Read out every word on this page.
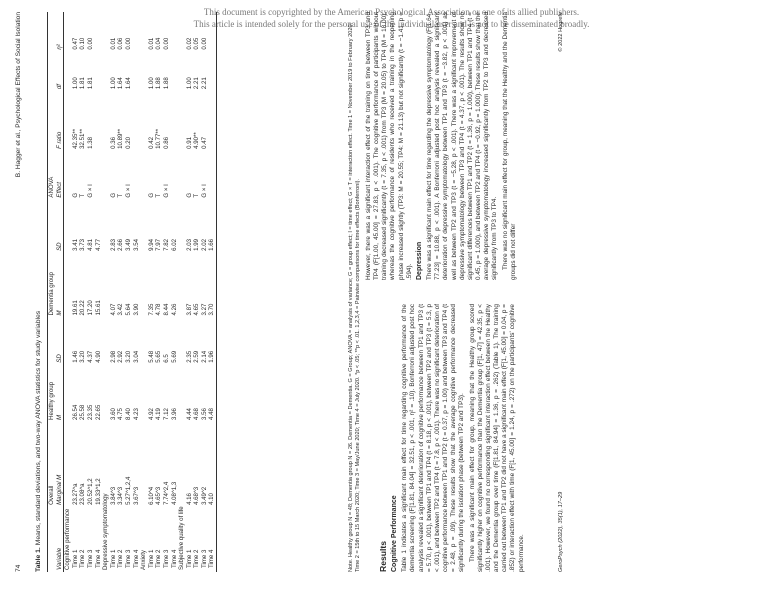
This document is copyrighted by the American Psychological Association or one of its allied publishers.
This article is intended solely for the personal use of the individual user and is not to be disseminated broadly.
74
B. Hagger et al., Psychological Effects of Social Isolation
Table 1. Means, standard deviations, and two-way ANOVA statistics for study variables
	Overall	Healthy group		Dementia group		ANOVA			
Variable	Marginal M	M	SD	M	SD	Effect	F ratio	df	η²
Cognitive performance									
Time 1	23.27^a	26.54	1.46	19.61	3.41	G	42.35**	1.00	0.47
Time 2	23.08^a	25.58	3.20	20.22	3.73	T	32.51**	1.81	0.10
Time 3	20.52^1,2	23.35	4.37	17.20	4.81	G × I	1.38	1.81	0.00
Time 4	19.33^1,2	22.65	4.90	15.61	4.77				
Depressive symptomatology									
Time 1	3.84^3	3.60	2.98	4.07	2.83	G	0.36	1.00	0.01
Time 2	3.34^3	4.75	2.92	3.42	2.66	T	10.89**	1.64	0.06
Time 3	5.27^1,2,4	8.40	3.20	5.64	3.49	G × I	0.20	1.64	0.00
Time 4	3.67^3	4.23	3.04	3.90	3.54				
Anxiety									
Time 1	6.10^4	4.92	5.48	7.35	9.94	G	0.42	1.00	0.01
Time 2	4.65^3	4.19	5.65	4.78	7.97	T	10.77**	1.88	0.04
Time 3	7.74^2,4	7.12	6.5	8.44	7.82	G × I	0.86	1.88	0.00
Time 4	4.08^1,3	3.96	5.69	4.26	6.02				
Subjective quality of life									
Time 1	4.16	4.44	2.35	3.87	2.03	G	0.91	1.00	0.02
Time 2	4.68^3	4.68	2.59	4.65	1.99	T	4.90**	2.21	0.05
Time 3	3.49^2	3.56	2.14	3.27	2.02	G × I	0.47	2.21	0.00
Time 4	4.10	4.48	1.96	3.70	1.66					Note. Healthy group N = 48; Dementia group N = 26. Dementia = Dementia. G = Group; ANOVA = analysis of variance; G = group effect; I = time effect; G × T = interaction effect. Time 1 = November 2019 to February 2020; Time 2 = 15th to 15 March 2020; Time 3 = May/June 2020; Time 4 = July 2020. *p < .05; **p < .01. 1,2,3,4 = Pairwise comparisons for time effects (Bonferroni). Results Cognitive Performance Table 1 indicates a significant main effect for time regarding cognitive performance of the dementia screening (F[1.81, 84.04] = 32.51, p < .001, η² = .10). Bonferroni adjusted post hoc analysis revealed a significant deterioration of cognitive performance between TP1 and TP3 (t = 5.70, p < .001), between TP1 and TP4 (t = 8.18, p < .001), between TP2 and TP3 (t = 5.3, p < .001), and between TP2 and TP4 (t = 7.8, p < .001). There was no significant deterioration of cognitive performance between TP1 and TP2 (t = 0.37, p = 1.00) and between TP3 and TP4 (t = 2.48, p = .09). These results show that the average cognitive performance decreased significantly during the isolation phase (between TP2 and TP3). There was a significant main effect for group, meaning that the Healthy group scored significantly higher on cognitive performance than the Dementia group (F[1, 47] = 42.35, p < .001). However, we found no corresponding significant interaction effect between the Healthy and the Dementia group over time (F[1.81, 84.94] = 1.36, p = .262) (Table 1). The training carried out between TP1 and TP2 did not have a significant main effect (F[1, 45.00] = 0.04, p = .852) or interaction effect with time (F[1, 45.00] = 1.24, p = .272) on the participants' cognitive performance.

However, there was a significant interaction effect of the training on time between TP3 and TP4 (F[1.00, 45.00] = 27.83, p < .001). The cognitive performance of participants without training decreased significantly (t = 7.35, p < .001) from TP3 (M = 20.05) to TP4 (M = 18.00), whereas the cognitive performance of residents who received a training in the reopening phase increased slightly (TP3: M = 20.55; TP4: M = 21.13) but not significantly (t = −1.41, p = .594). Depression There was a significant main effect for time regarding the depressive symptomatology (F[1.64, 77.23] = 10.88, p < .001). A Bonferroni adjusted post hoc analysis revealed a significant deterioration of depressive symptomatology between TP1 and TP3 (t = −3.82, p < .001) as well as between TP2 and TP3 (t = −5.28, p < .001). There was a significant improvement of depressive symptomatology between TP3 and TP4 (t = 4.37, p < .001). The results show no significant differences between TP1 and TP2 (t = 1.36, p = 1.000), between TP1 and TP4 (t = 0.45, p = 1.000), and between TP2 and TP4 (t = −0.92, p = 1.000). These results show that the average depressive symptomatology increased significantly from TP2 to TP3 and decreased significantly from TP3 to TP4. There was no significant main effect for group, meaning that the Healthy and the Dementia groups did not differ

GeroPsych (2022), 35(1), 17–29
© 2022 Hogrefe
